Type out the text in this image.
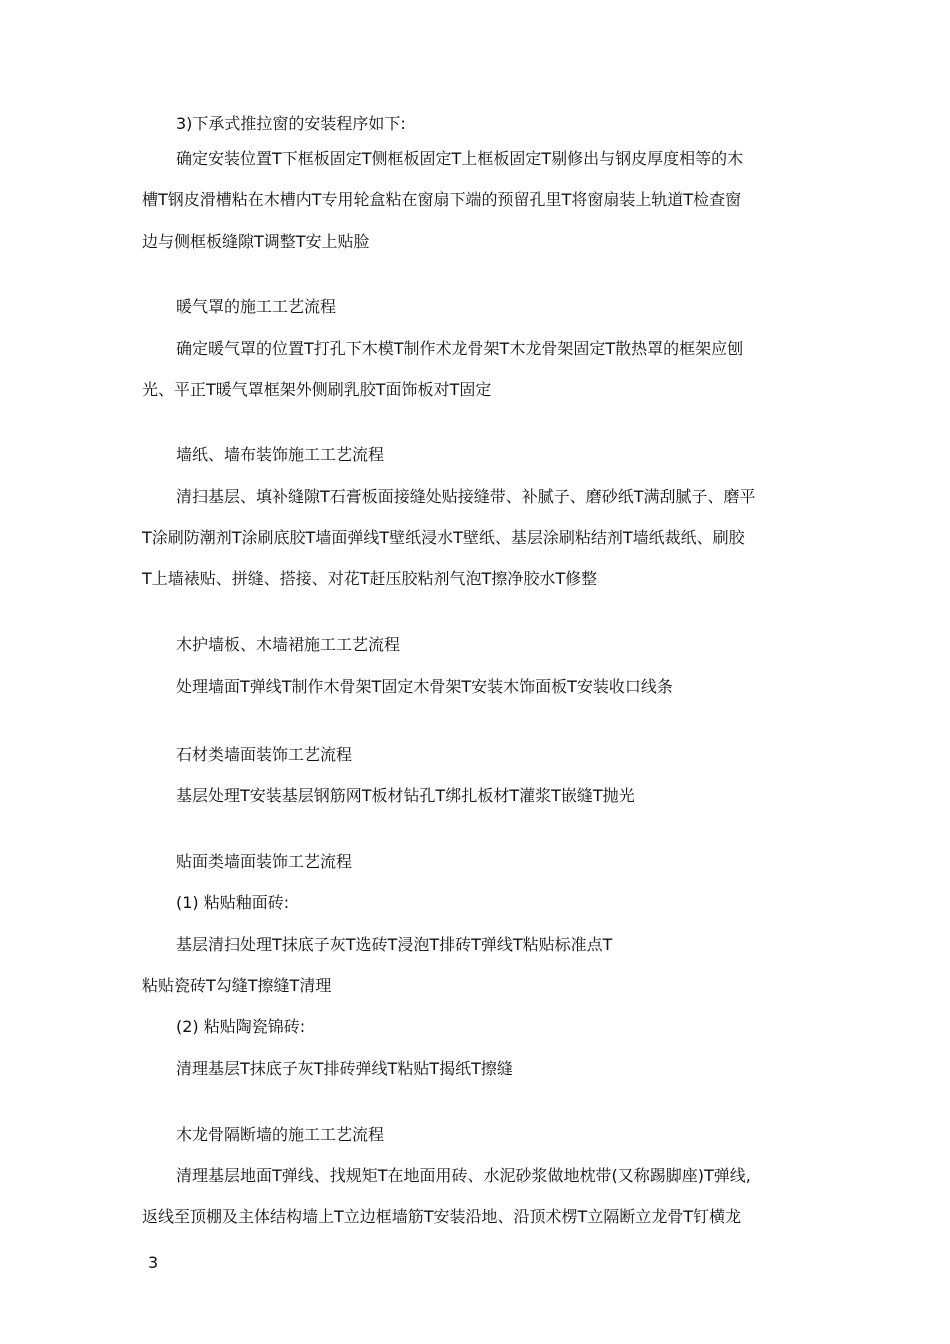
3)下承式推拉窗的安装程序如下:
确定安装位置T下框板固定T侧框板固定T上框板固定T剔修出与钢皮厚度相等的木
槽T钢皮滑槽粘在木槽内T专用轮盒粘在窗扇下端的预留孔里T将窗扇装上轨道T检查窗
边与侧框板缝隙T调整T安上贴脸
暖气罩的施工工艺流程
确定暖气罩的位置T打孔下木模T制作术龙骨架T木龙骨架固定T散热罩的框架应刨
光、平正T暖气罩框架外侧刷乳胶T面饰板对T固定
墙纸、墙布装饰施工工艺流程
清扫基层、填补缝隙T石膏板面接缝处贴接缝带、补腻子、磨砂纸T满刮腻子、磨平
T涂刷防潮剂T涂刷底胶T墙面弹线T壁纸浸水T壁纸、基层涂刷粘结剂T墙纸裁纸、刷胶
T上墙裱贴、拼缝、搭接、对花T赶压胶粘剂气泡T擦净胶水T修整
木护墙板、木墙裙施工工艺流程
处理墙面T弹线T制作木骨架T固定木骨架T安装木饰面板T安装收口线条
石材类墙面装饰工艺流程
基层处理T安装基层钢筋网T板材钻孔T绑扎板材T灌浆T嵌缝T抛光
贴面类墙面装饰工艺流程
(1) 粘贴釉面砖:
基层清扫处理T抹底子灰T选砖T浸泡T排砖T弹线T粘贴标准点T
粘贴瓷砖T勾缝T擦缝T清理
(2) 粘贴陶瓷锦砖:
清理基层T抹底子灰T排砖弹线T粘贴T揭纸T擦缝
木龙骨隔断墙的施工工艺流程
清理基层地面T弹线、找规矩T在地面用砖、水泥砂浆做地枕带(又称踢脚座)T弹线,
返线至顶棚及主体结构墙上T立边框墙筋T安装沿地、沿顶术楞T立隔断立龙骨T钉横龙
3
